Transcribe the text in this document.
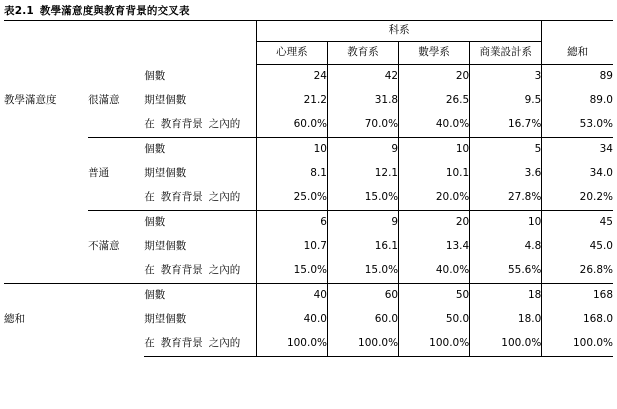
表2.1 教學滿意度與教育背景的交叉表
			科系				
			心理系	教育系	數學系	商業設計系	總和
教學滿意度	很滿意	個數	24	42	20	3	89
		期望個數	21.2	31.8	26.5	9.5	89.0
		在 教育背景 之內的	60.0%	70.0%	40.0%	16.7%	53.0%
	普通	個數	10	9	10	5	34
		期望個數	8.1	12.1	10.1	3.6	34.0
		在 教育背景 之內的	25.0%	15.0%	20.0%	27.8%	20.2%
	不滿意	個數	6	9	20	10	45
		期望個數	10.7	16.1	13.4	4.8	45.0
		在 教育背景 之內的	15.0%	15.0%	40.0%	55.6%	26.8%
總和		個數	40	60	50	18	168
		期望個數	40.0	60.0	50.0	18.0	168.0
		在 教育背景 之內的	100.0%	100.0%	100.0%	100.0%	100.0%
